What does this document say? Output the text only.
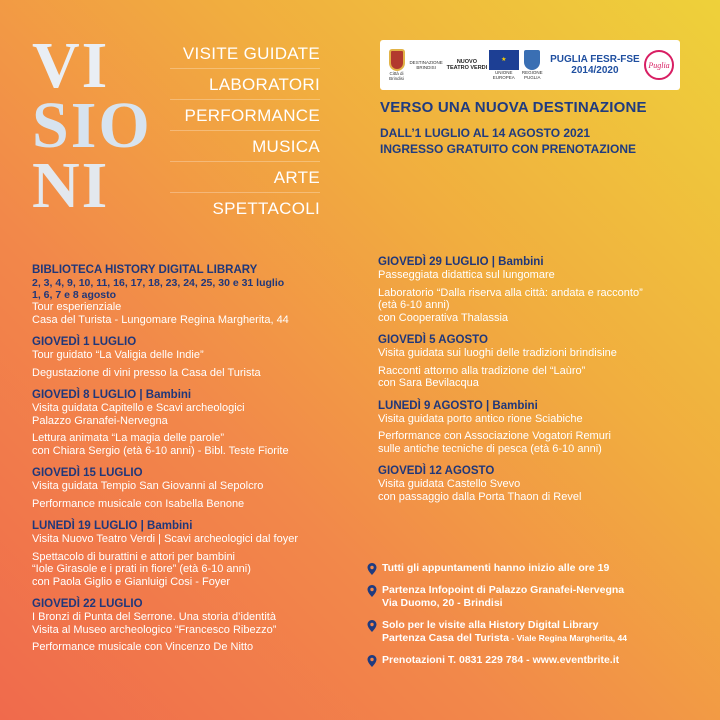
VI
SIO
NI
VISITE GUIDATE
LABORATORI
PERFORMANCE
MUSICA
ARTE
SPETTACOLI
Città di Brindisi
DESTINAZIONE BRINDISI
NUOVO TEATRO VERDI
★
UNIONE EUROPEA
REGIONE PUGLIA
PUGLIA FESR-FSE 2014/2020	Puglia
VERSO UNA NUOVA DESTINAZIONE
DALL’1 LUGLIO AL 14 AGOSTO 2021
INGRESSO GRATUITO CON PRENOTAZIONE
BIBLIOTECA HISTORY DIGITAL LIBRARY
2, 3, 4, 9, 10, 11, 16, 17, 18, 23, 24, 25, 30 e 31 luglio
1, 6, 7 e 8 agosto

Tour esperienziale

Casa del Turista - Lungomare Regina Margherita, 44

GIOVEDÌ 1 LUGLIO

Tour guidato “La Valigia delle Indie”

Degustazione di vini presso la Casa del Turista

GIOVEDÌ 8 LUGLIO | Bambini

Visita guidata Capitello e Scavi archeologici

Palazzo Granafei-Nervegna

Lettura animata “La magia delle parole”

con Chiara Sergio (età 6-10 anni) - Bibl. Teste Fiorite

GIOVEDÌ 15 LUGLIO

Visita guidata Tempio San Giovanni al Sepolcro

Performance musicale con Isabella Benone

LUNEDÌ 19 LUGLIO | Bambini

Visita Nuovo Teatro Verdi | Scavi archeologici dal foyer

Spettacolo di burattini e attori per bambini

“Iole Girasole e i prati in fiore” (età 6-10 anni)

con Paola Giglio e Gianluigi Cosi - Foyer

GIOVEDÌ 22 LUGLIO

I Bronzi di Punta del Serrone. Una storia d’identità

Visita al Museo archeologico “Francesco Ribezzo”

Performance musicale con Vincenzo De Nitto

GIOVEDÌ 29 LUGLIO | Bambini

Passeggiata didattica sul lungomare

Laboratorio “Dalla riserva alla città: andata e racconto”

(età 6-10 anni)

con Cooperativa Thalassia

GIOVEDÌ 5 AGOSTO

Visita guidata sui luoghi delle tradizioni brindisine

Racconti attorno alla tradizione del “Laùro”

con Sara Bevilacqua

LUNEDÌ 9 AGOSTO | Bambini

Visita guidata porto antico rione Sciabiche

Performance con Associazione Vogatori Remuri

sulle antiche tecniche di pesca (età 6-10 anni)

GIOVEDÌ 12 AGOSTO

Visita guidata Castello Svevo

con passaggio dalla Porta Thaon di Revel

Tutti gli appuntamenti hanno inizio alle ore 19
Partenza Infopoint di Palazzo Granafei-Nervegna
Via Duomo, 20 - Brindisi
Solo per le visite alla History Digital Library
Partenza Casa del Turista - Viale Regina Margherita, 44
Prenotazioni T. 0831 229 784 - www.eventbrite.it
